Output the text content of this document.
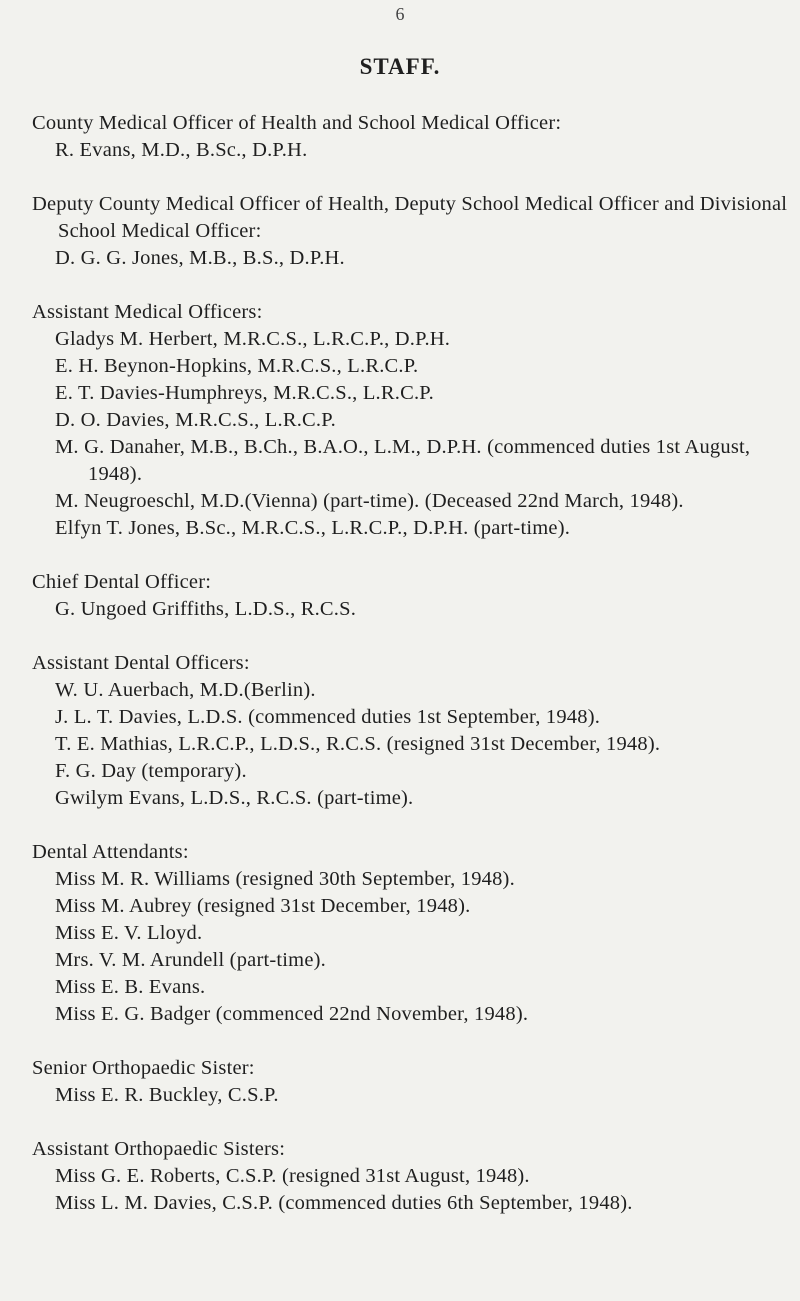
6
STAFF.
County Medical Officer of Health and School Medical Officer:
R. Evans, M.D., B.Sc., D.P.H.
Deputy County Medical Officer of Health, Deputy School Medical Officer and Divisional School Medical Officer:
D. G. G. Jones, M.B., B.S., D.P.H.
Assistant Medical Officers:
Gladys M. Herbert, M.R.C.S., L.R.C.P., D.P.H.
E. H. Beynon-Hopkins, M.R.C.S., L.R.C.P.
E. T. Davies-Humphreys, M.R.C.S., L.R.C.P.
D. O. Davies, M.R.C.S., L.R.C.P.
M. G. Danaher, M.B., B.Ch., B.A.O., L.M., D.P.H. (commenced duties 1st August, 1948).
M. Neugroeschl, M.D.(Vienna) (part-time). (Deceased 22nd March, 1948).
Elfyn T. Jones, B.Sc., M.R.C.S., L.R.C.P., D.P.H. (part-time).
Chief Dental Officer:
G. Ungoed Griffiths, L.D.S., R.C.S.
Assistant Dental Officers:
W. U. Auerbach, M.D.(Berlin).
J. L. T. Davies, L.D.S. (commenced duties 1st September, 1948).
T. E. Mathias, L.R.C.P., L.D.S., R.C.S. (resigned 31st December, 1948).
F. G. Day (temporary).
Gwilym Evans, L.D.S., R.C.S. (part-time).
Dental Attendants:
Miss M. R. Williams (resigned 30th September, 1948).
Miss M. Aubrey (resigned 31st December, 1948).
Miss E. V. Lloyd.
Mrs. V. M. Arundell (part-time).
Miss E. B. Evans.
Miss E. G. Badger (commenced 22nd November, 1948).
Senior Orthopaedic Sister:
Miss E. R. Buckley, C.S.P.
Assistant Orthopaedic Sisters:
Miss G. E. Roberts, C.S.P. (resigned 31st August, 1948).
Miss L. M. Davies, C.S.P. (commenced duties 6th September, 1948).
